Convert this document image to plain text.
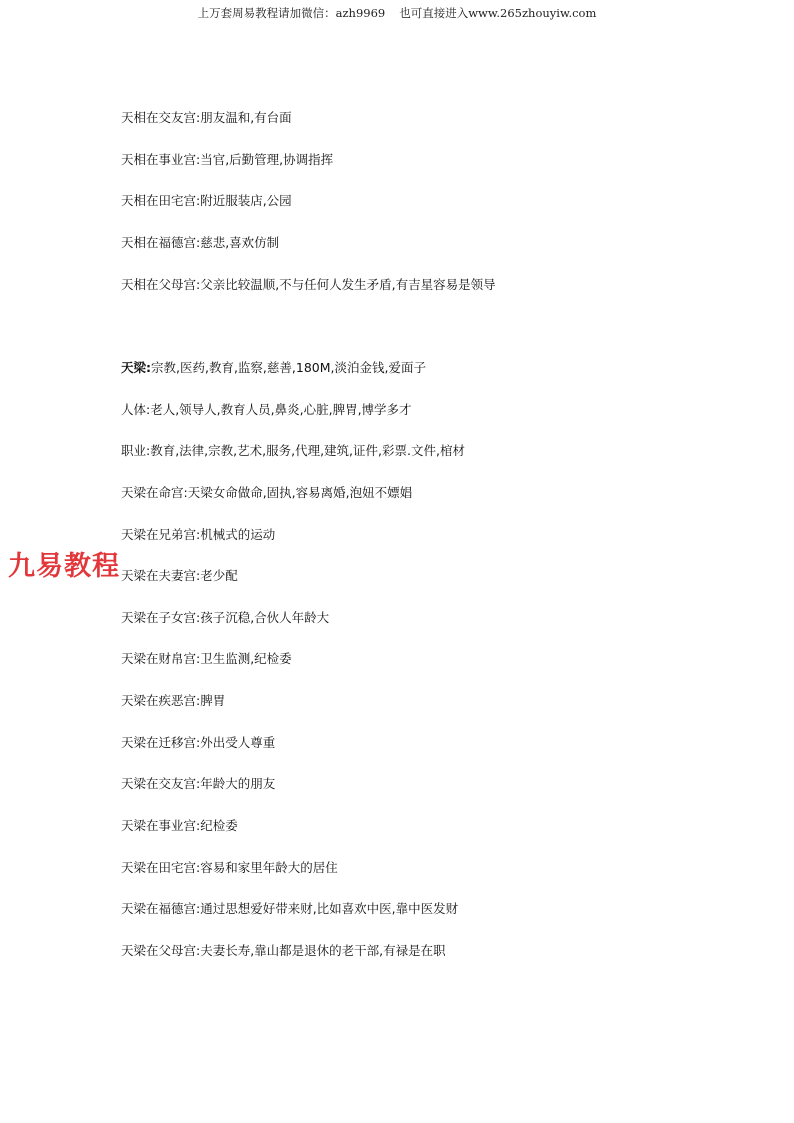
上万套周易教程请加微信：azh9969 也可直接进入www.265zhouyiw.com
天相在交友宫:朋友温和,有台面
天相在事业宫:当官,后勤管理,协调指挥
天相在田宅宫:附近服装店,公园
天相在福德宫:慈悲,喜欢仿制
天相在父母宫:父亲比较温顺,不与任何人发生矛盾,有吉星容易是领导
天梁:宗教,医药,教育,监察,慈善,180M,淡泊金钱,爱面子
人体:老人,领导人,教育人员,鼻炎,心脏,脾胃,博学多才
职业:教育,法律,宗教,艺术,服务,代理,建筑,证件,彩票.文件,棺材
天梁在命宫:天梁女命做命,固执,容易离婚,泡妞不嫖娼
天梁在兄弟宫:机械式的运动
天梁在夫妻宫:老少配
天梁在子女宫:孩子沉稳,合伙人年龄大
天梁在财帛宫:卫生监测,纪检委
天梁在疾恶宫:脾胃
天梁在迁移宫:外出受人尊重
天梁在交友宫:年龄大的朋友
天梁在事业宫:纪检委
天梁在田宅宫:容易和家里年龄大的居住
天梁在福德宫:通过思想爱好带来财,比如喜欢中医,靠中医发财
天梁在父母宫:夫妻长寿,靠山都是退休的老干部,有禄是在职
九易教程
